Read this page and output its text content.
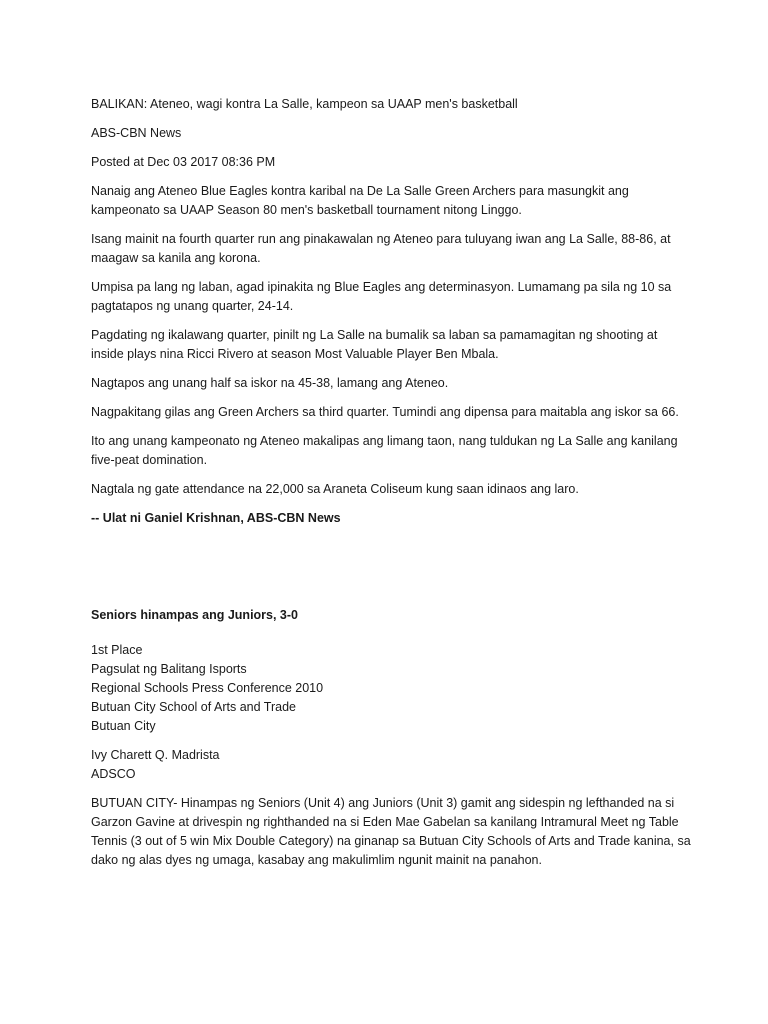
BALIKAN: Ateneo, wagi kontra La Salle, kampeon sa UAAP men's basketball

ABS-CBN News

Posted at Dec 03 2017 08:36 PM

Nanaig ang Ateneo Blue Eagles kontra karibal na De La Salle Green Archers para masungkit ang kampeonato sa UAAP Season 80 men's basketball tournament nitong Linggo.

Isang mainit na fourth quarter run ang pinakawalan ng Ateneo para tuluyang iwan ang La Salle, 88-86, at maagaw sa kanila ang korona.

Umpisa pa lang ng laban, agad ipinakita ng Blue Eagles ang determinasyon. Lumamang pa sila ng 10 sa pagtatapos ng unang quarter, 24-14.

Pagdating ng ikalawang quarter, pinilt ng La Salle na bumalik sa laban sa pamamagitan ng shooting at inside plays nina Ricci Rivero at season Most Valuable Player Ben Mbala.

Nagtapos ang unang half sa iskor na 45-38, lamang ang Ateneo.

Nagpakitang gilas ang Green Archers sa third quarter. Tumindi ang dipensa para maitabla ang iskor sa 66.

Ito ang unang kampeonato ng Ateneo makalipas ang limang taon, nang tuldukan ng La Salle ang kanilang five-peat domination.

Nagtala ng gate attendance na 22,000 sa Araneta Coliseum kung saan idinaos ang laro.

-- Ulat ni Ganiel Krishnan, ABS-CBN News

Seniors hinampas ang Juniors, 3-0

1st Place

Pagsulat ng Balitang Isports

Regional Schools Press Conference 2010

Butuan City School of Arts and Trade

Butuan City

Ivy Charett Q. Madrista

ADSCO

BUTUAN CITY- Hinampas ng Seniors (Unit 4) ang Juniors (Unit 3) gamit ang sidespin ng lefthanded na si Garzon Gavine at drivespin ng righthanded na si Eden Mae Gabelan sa kanilang Intramural Meet ng Table Tennis (3 out of 5 win Mix Double Category) na ginanap sa Butuan City Schools of Arts and Trade kanina, sa dako ng alas dyes ng umaga, kasabay ang makulimlim ngunit mainit na panahon.
